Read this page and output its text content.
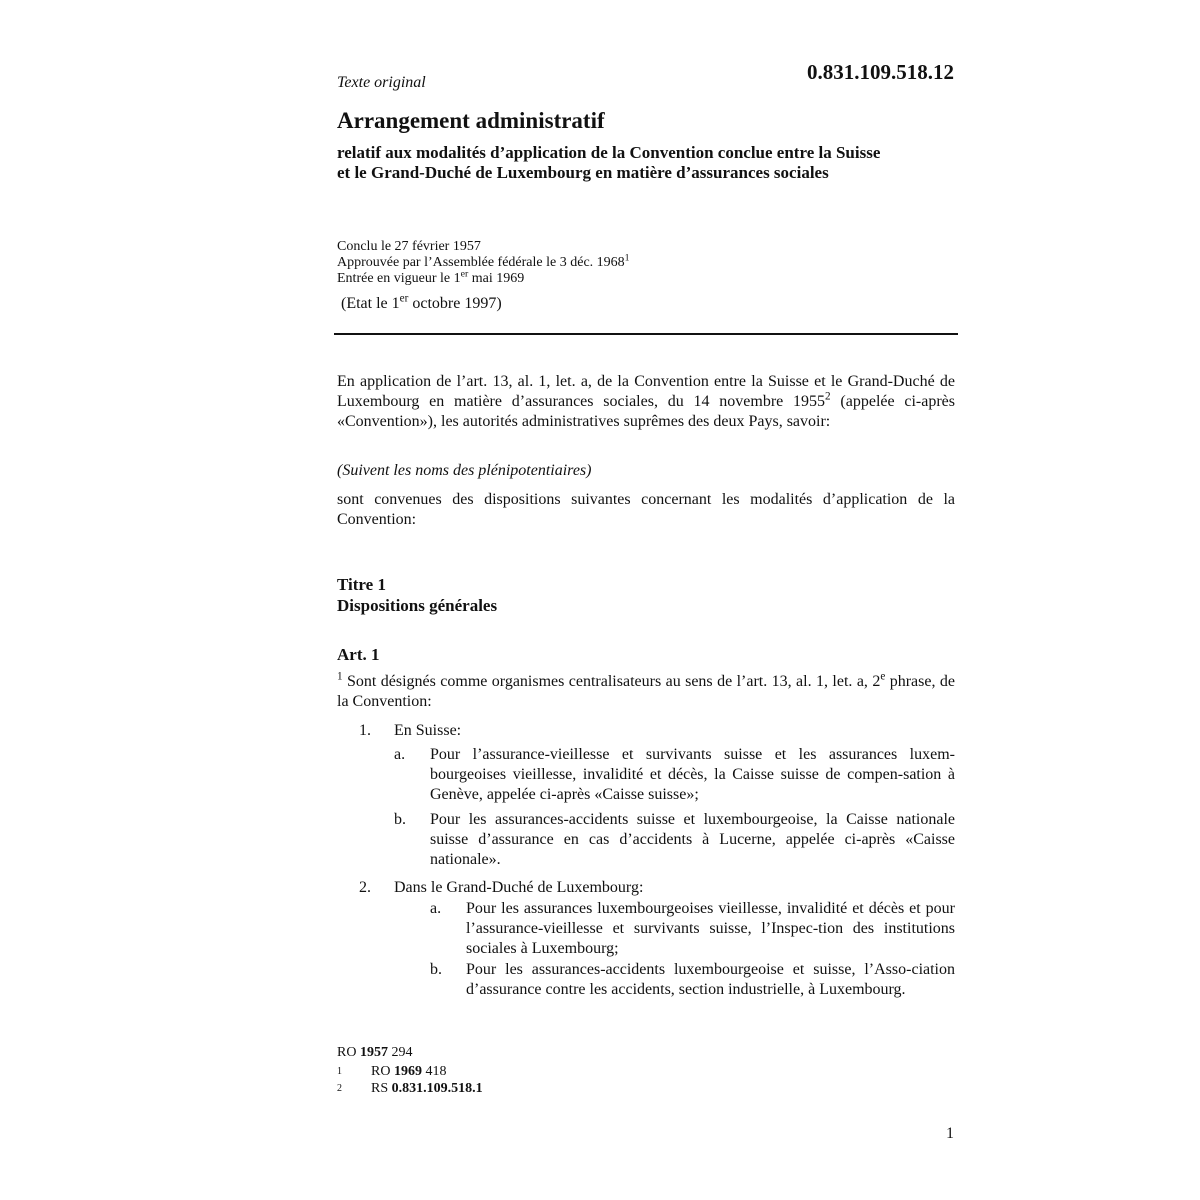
Texte original	0.831.109.518.12
Arrangement administratif
relatif aux modalités d’application de la Convention conclue entre la Suisse et le Grand-Duché de Luxembourg en matière d’assurances sociales
Conclu le 27 février 1957
Approuvée par l’Assemblée fédérale le 3 déc. 1968$^1$
Entrée en vigueur le 1er mai 1969
(Etat le 1er octobre 1997)
En application de l’art. 13, al. 1, let. a, de la Convention entre la Suisse et le Grand-Duché de Luxembourg en matière d’assurances sociales, du 14 novembre 1955$^2$ (appelée ci-après «Convention»), les autorités administratives suprêmes des deux Pays, savoir:
(Suivent les noms des plénipotentiaires)
sont convenues des dispositions suivantes concernant les modalités d’application de la Convention:
Titre 1
Dispositions générales
Art. 1
$^1$ Sont désignés comme organismes centralisateurs au sens de l’art. 13, al. 1, let. a, 2e phrase, de la Convention:
1. En Suisse:
a. Pour l’assurance-vieillesse et survivants suisse et les assurances luxem-bourgeoises vieillesse, invalidité et décès, la Caisse suisse de compen-sation à Genève, appelée ci-après «Caisse suisse»;
b. Pour les assurances-accidents suisse et luxembourgeoise, la Caisse nationale suisse d’assurance en cas d’accidents à Lucerne, appelée ci-après «Caisse nationale».
2. Dans le Grand-Duché de Luxembourg:
a. Pour les assurances luxembourgeoises vieillesse, invalidité et décès et pour l’assurance-vieillesse et survivants suisse, l’Inspec-tion des institutions sociales à Luxembourg;
b. Pour les assurances-accidents luxembourgeoise et suisse, l’Asso-ciation d’assurance contre les accidents, section industrielle, à Luxembourg.
RO 1957 294
1 RO 1969 418
2 RS 0.831.109.518.1
1
